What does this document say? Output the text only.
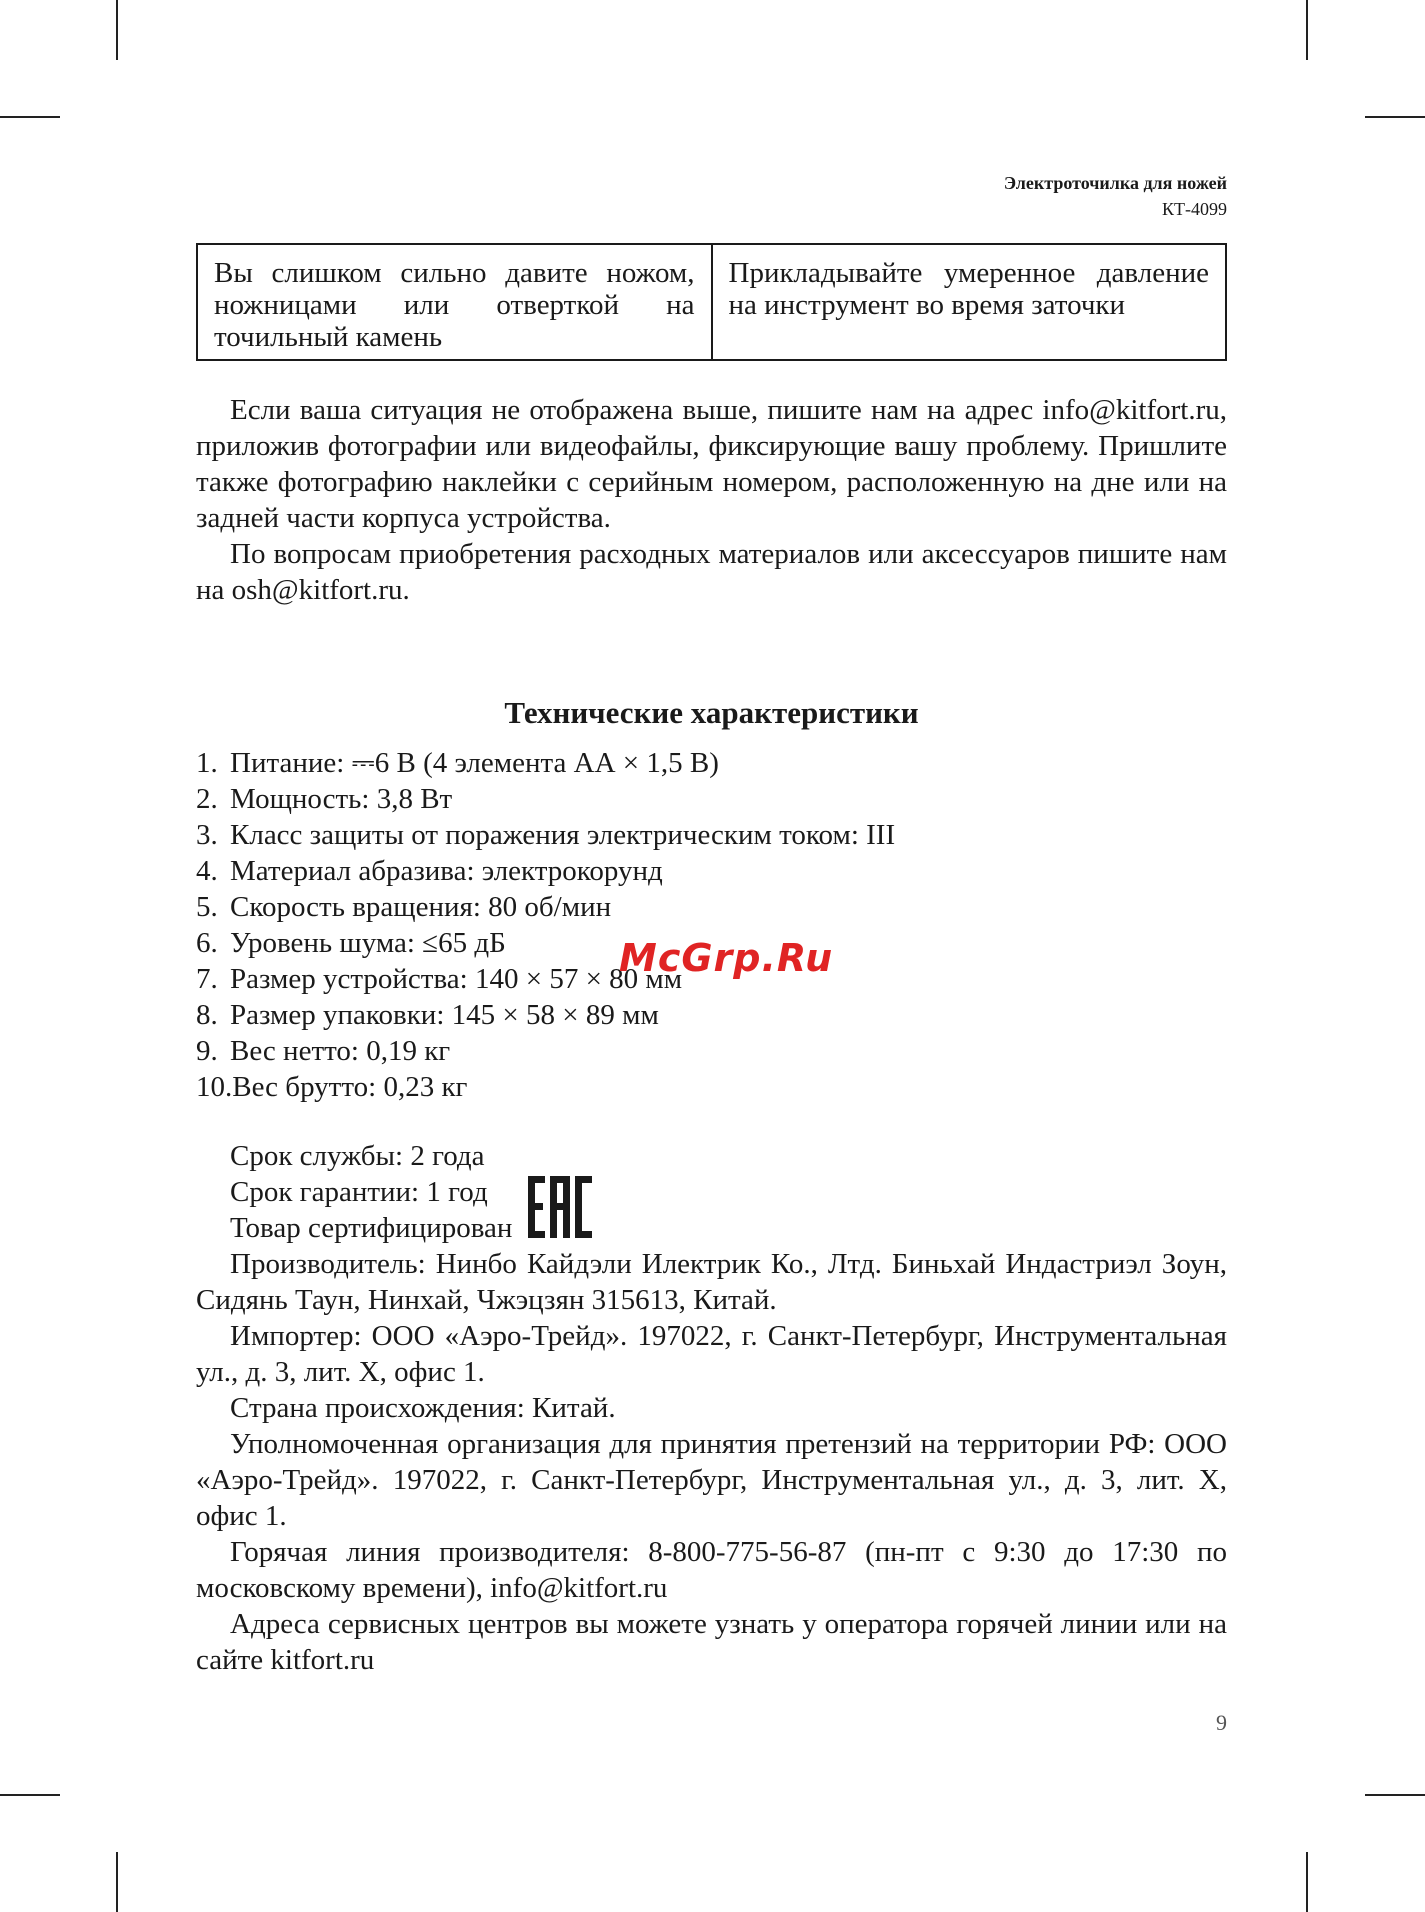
Электроточилка для ножей
КТ-4099
Вы слишком сильно давите ножом, ножницами или отверткой на точильный камень	Прикладывайте умеренное давление на инструмент во время заточки

Если ваша ситуация не отображена выше, пишите нам на адрес info@kitfort.ru, приложив фотографии или видеофайлы, фиксирующие вашу проблему. Пришлите также фотографию наклейки с серийным номером, расположенную на дне или на задней части корпуса устройства.

По вопросам приобретения расходных материалов или аксессуаров пишите нам на osh@kitfort.ru.

Технические характеристики
1. Питание: ⎓6 В (4 элемента АА × 1,5 В)
2. Мощность: 3,8 Вт
3. Класс защиты от поражения электрическим током: III
4. Материал абразива: электрокорунд
5. Скорость вращения: 80 об/мин
6. Уровень шума: ≤65 дБ
7. Размер устройства: 140 × 57 × 80 мм
8. Размер упаковки: 145 × 58 × 89 мм
9. Вес нетто: 0,19 кг
10.Вес брутто: 0,23 кг
McGrp.Ru

Срок службы: 2 года

Срок гарантии: 1 год

Товар сертифицирован

Производитель: Нинбо Кайдэли Илектрик Ко., Лтд. Биньхай Индастриэл Зоун, Сидянь Таун, Нинхай, Чжэцзян 315613, Китай.

Импортер: ООО «Аэро-Трейд». 197022, г. Санкт-Петербург, Инструментальная ул., д. 3, лит. Х, офис 1.

Страна происхождения: Китай.

Уполномоченная организация для принятия претензий на территории РФ: ООО «Аэро-Трейд». 197022, г. Санкт-Петербург, Инструментальная ул., д. 3, лит. Х, офис 1.

Горячая линия производителя: 8-800-775-56-87 (пн-пт с 9:30 до 17:30 по московскому времени), info@kitfort.ru

Адреса сервисных центров вы можете узнать у оператора горячей линии или на сайте kitfort.ru

9
